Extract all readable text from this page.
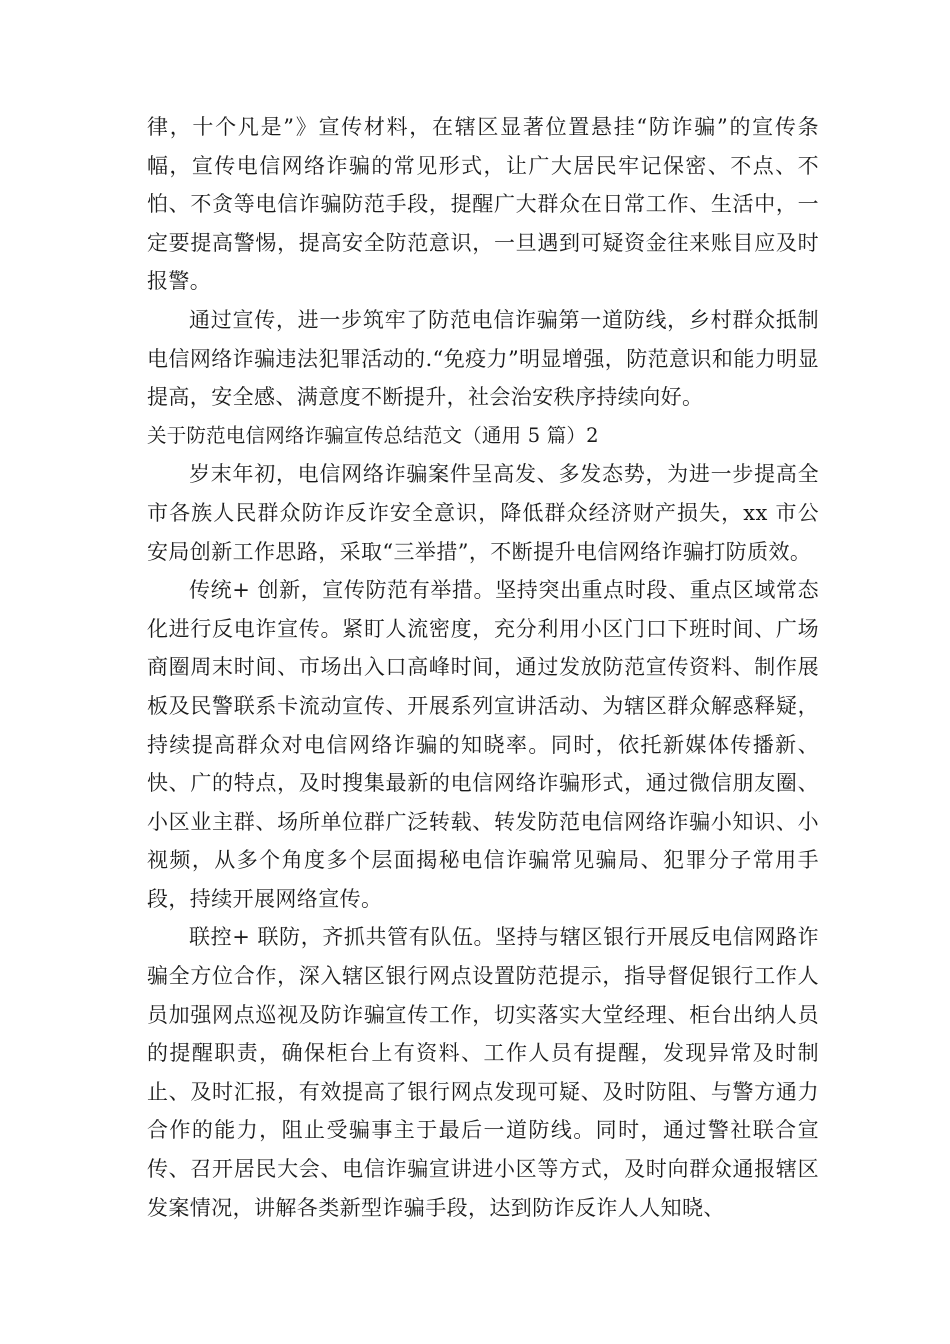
律，十个凡是”》宣传材料，在辖区显著位置悬挂“防诈骗”的宣传条幅，宣传电信网络诈骗的常见形式，让广大居民牢记保密、不点、不怕、不贪等电信诈骗防范手段，提醒广大群众在日常工作、生活中，一定要提高警惕，提高安全防范意识，一旦遇到可疑资金往来账目应及时报警。

通过宣传，进一步筑牢了防范电信诈骗第一道防线，乡村群众抵制电信网络诈骗违法犯罪活动的.“免疫力”明显增强，防范意识和能力明显提高，安全感、满意度不断提升，社会治安秩序持续向好。

关于防范电信网络诈骗宣传总结范文（通用 5 篇）2

岁末年初，电信网络诈骗案件呈高发、多发态势，为进一步提高全市各族人民群众防诈反诈安全意识，降低群众经济财产损失，xx 市公安局创新工作思路，采取“三举措”，不断提升电信网络诈骗打防质效。

传统+ 创新，宣传防范有举措。坚持突出重点时段、重点区域常态化进行反电诈宣传。紧盯人流密度，充分利用小区门口下班时间、广场商圈周末时间、市场出入口高峰时间，通过发放防范宣传资料、制作展板及民警联系卡流动宣传、开展系列宣讲活动、为辖区群众解惑释疑，持续提高群众对电信网络诈骗的知晓率。同时，依托新媒体传播新、快、广的特点，及时搜集最新的电信网络诈骗形式，通过微信朋友圈、小区业主群、场所单位群广泛转载、转发防范电信网络诈骗小知识、小视频，从多个角度多个层面揭秘电信诈骗常见骗局、犯罪分子常用手段，持续开展网络宣传。

联控+ 联防，齐抓共管有队伍。坚持与辖区银行开展反电信网路诈骗全方位合作，深入辖区银行网点设置防范提示，指导督促银行工作人员加强网点巡视及防诈骗宣传工作，切实落实大堂经理、柜台出纳人员的提醒职责，确保柜台上有资料、工作人员有提醒，发现异常及时制止、及时汇报，有效提高了银行网点发现可疑、及时防阻、与警方通力合作的能力，阻止受骗事主于最后一道防线。同时，通过警社联合宣传、召开居民大会、电信诈骗宣讲进小区等方式，及时向群众通报辖区发案情况，讲解各类新型诈骗手段，达到防诈反诈人人知晓、
